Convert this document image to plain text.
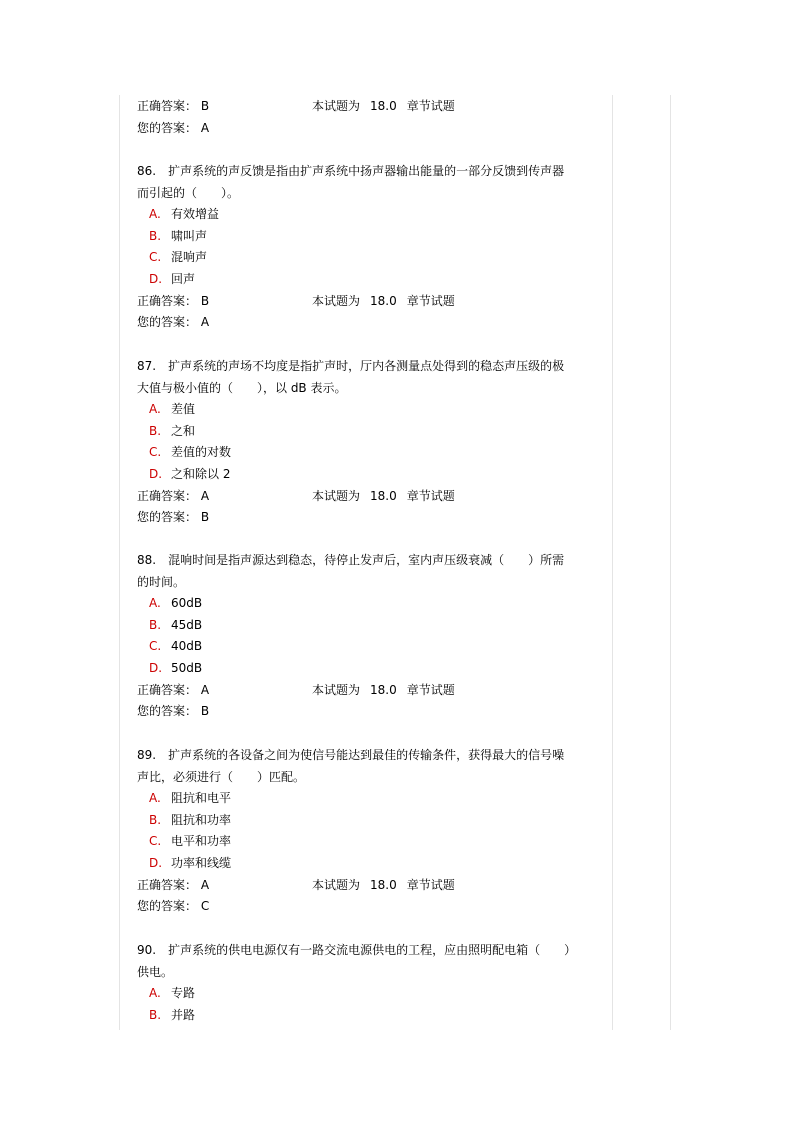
正确答案： B	本试题为 18.0 章节试题
您的答案： A
86.　扩声系统的声反馈是指由扩声系统中扬声器输出能量的一部分反馈到传声器
而引起的（　　）。
A. 有效增益
B. 啸叫声
C. 混响声
D. 回声
正确答案： B	本试题为 18.0 章节试题
您的答案： A
87.　扩声系统的声场不均度是指扩声时，厅内各测量点处得到的稳态声压级的极
大值与极小值的（　　），以 dB 表示。
A. 差值
B. 之和
C. 差值的对数
D. 之和除以 2
正确答案： A	本试题为 18.0 章节试题
您的答案： B
88.　混响时间是指声源达到稳态，待停止发声后，室内声压级衰减（　　）所需
的时间。
A. 60dB
B. 45dB
C. 40dB
D. 50dB
正确答案： A	本试题为 18.0 章节试题
您的答案： B
89.　扩声系统的各设备之间为使信号能达到最佳的传输条件，获得最大的信号噪
声比，必须进行（　　）匹配。
A. 阻抗和电平
B. 阻抗和功率
C. 电平和功率
D. 功率和线缆
正确答案： A	本试题为 18.0 章节试题
您的答案： C
90.　扩声系统的供电电源仅有一路交流电源供电的工程，应由照明配电箱（　　）
供电。
A. 专路
B. 并路
